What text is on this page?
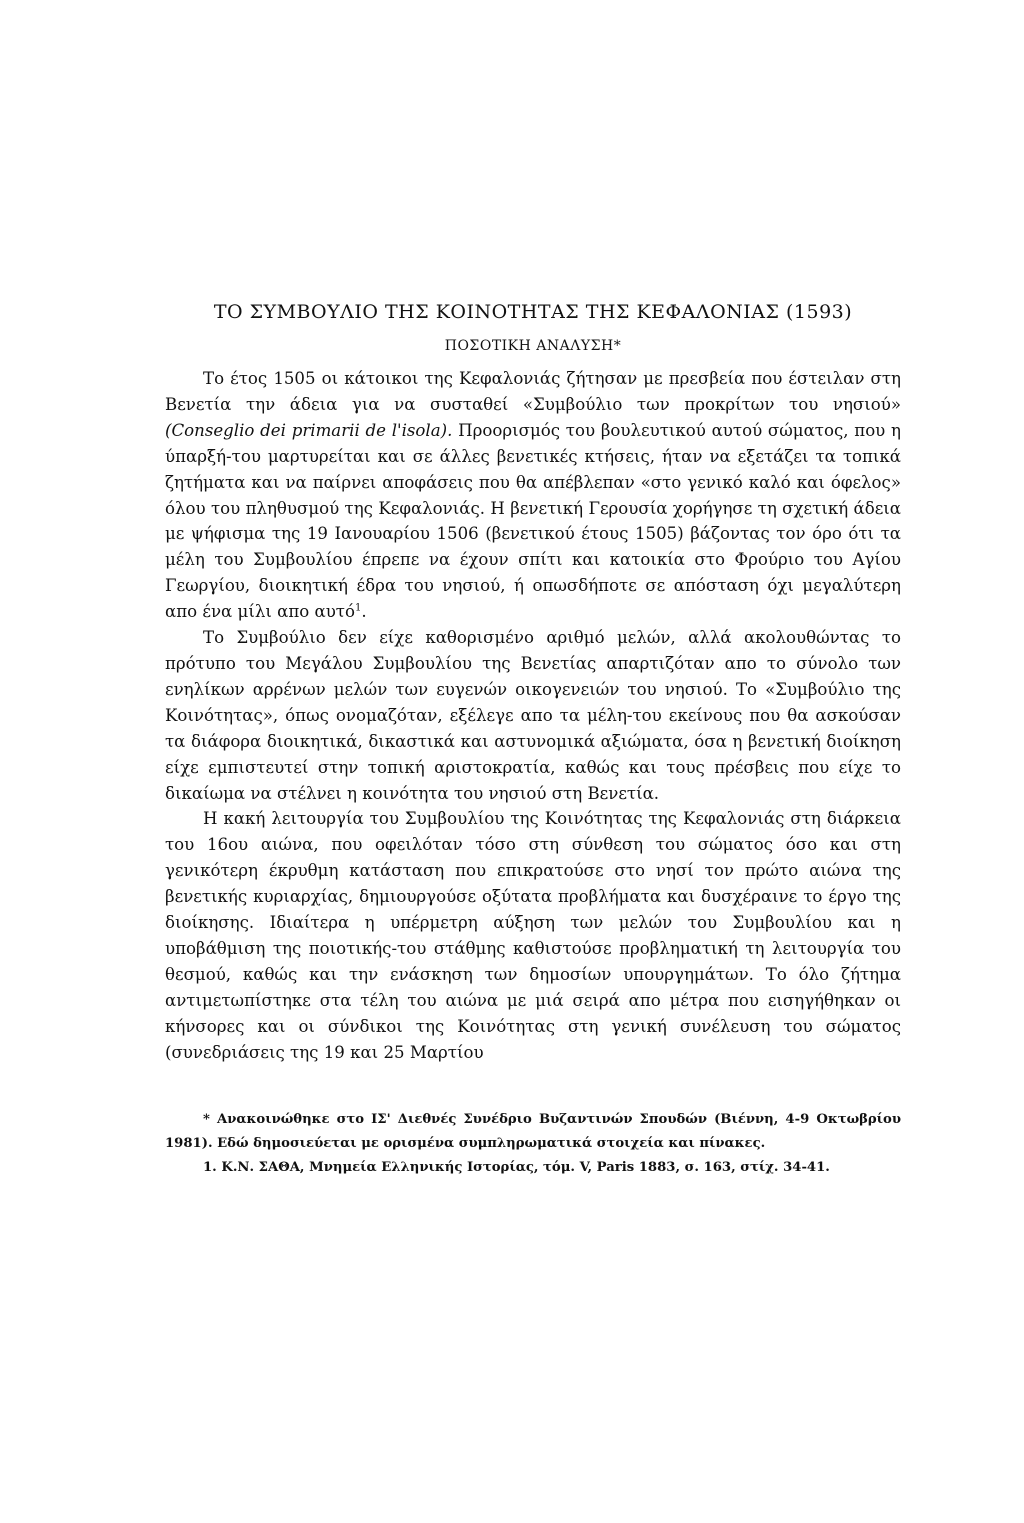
ΤΟ ΣΥΜΒΟΥΛΙΟ ΤΗΣ ΚΟΙΝΟΤΗΤΑΣ ΤΗΣ ΚΕΦΑΛΟΝΙΑΣ (1593)
ΠΟΣΟΤΙΚΗ ΑΝΑΛΥΣΗ*

Το έτος 1505 οι κάτοικοι της Κεφαλονιάς ζήτησαν με πρεσβεία που έστειλαν στη Βενετία την άδεια για να συσταθεί «Συμβούλιο των προκρίτων του νησιού» (Conseglio dei primarii de l'isola). Προορισμός του βουλευτικού αυτού σώματος, που η ύπαρξή-του μαρτυρείται και σε άλλες βενετικές κτήσεις, ήταν να εξετάζει τα τοπικά ζητήματα και να παίρνει αποφάσεις που θα απέβλεπαν «στο γενικό καλό και όφελος» όλου του πληθυσμού της Κεφαλονιάς. Η βενετική Γερουσία χορήγησε τη σχετική άδεια με ψήφισμα της 19 Ιανουαρίου 1506 (βενετικού έτους 1505) βάζοντας τον όρο ότι τα μέλη του Συμβουλίου έπρεπε να έχουν σπίτι και κατοικία στο Φρούριο του Αγίου Γεωργίου, διοικητική έδρα του νησιού, ή οπωσδήποτε σε απόσταση όχι μεγαλύτερη απο ένα μίλι απο αυτό$^1$.

Το Συμβούλιο δεν είχε καθορισμένο αριθμό μελών, αλλά ακολουθώντας το πρότυπο του Μεγάλου Συμβουλίου της Βενετίας απαρτιζόταν απο το σύνολο των ενηλίκων αρρένων μελών των ευγενών οικογενειών του νησιού. Το «Συμβούλιο της Κοινότητας», όπως ονομαζόταν, εξέλεγε απο τα μέλη-του εκείνους που θα ασκούσαν τα διάφορα διοικητικά, δικαστικά και αστυνομικά αξιώματα, όσα η βενετική διοίκηση είχε εμπιστευτεί στην τοπική αριστοκρατία, καθώς και τους πρέσβεις που είχε το δικαίωμα να στέλνει η κοινότητα του νησιού στη Βενετία.

Η κακή λειτουργία του Συμβουλίου της Κοινότητας της Κεφαλονιάς στη διάρκεια του 16ου αιώνα, που οφειλόταν τόσο στη σύνθεση του σώματος όσο και στη γενικότερη έκρυθμη κατάσταση που επικρατούσε στο νησί τον πρώτο αιώνα της βενετικής κυριαρχίας, δημιουργούσε οξύτατα προβλήματα και δυσχέραινε το έργο της διοίκησης. Ιδιαίτερα η υπέρμετρη αύξηση των μελών του Συμβουλίου και η υποβάθμιση της ποιοτικής-του στάθμης καθιστούσε προβληματική τη λειτουργία του θεσμού, καθώς και την ενάσκηση των δημοσίων υπουργημάτων. Το όλο ζήτημα αντιμετωπίστηκε στα τέλη του αιώνα με μιά σειρά απο μέτρα που εισηγήθηκαν οι κήνσορες και οι σύνδικοι της Κοινότητας στη γενική συνέλευση του σώματος (συνεδριάσεις της 19 και 25 Μαρτίου

* Ανακοινώθηκε στο ΙΣ' Διεθνές Συνέδριο Βυζαντινών Σπουδών (Βιέννη, 4-9 Οκτωβρίου 1981). Εδώ δημοσιεύεται με ορισμένα συμπληρωματικά στοιχεία και πίνακες.

1. Κ.Ν. ΣΑΘΑ, Μνημεία Ελληνικής Ιστορίας, τόμ. V, Paris 1883, σ. 163, στίχ. 34-41.
